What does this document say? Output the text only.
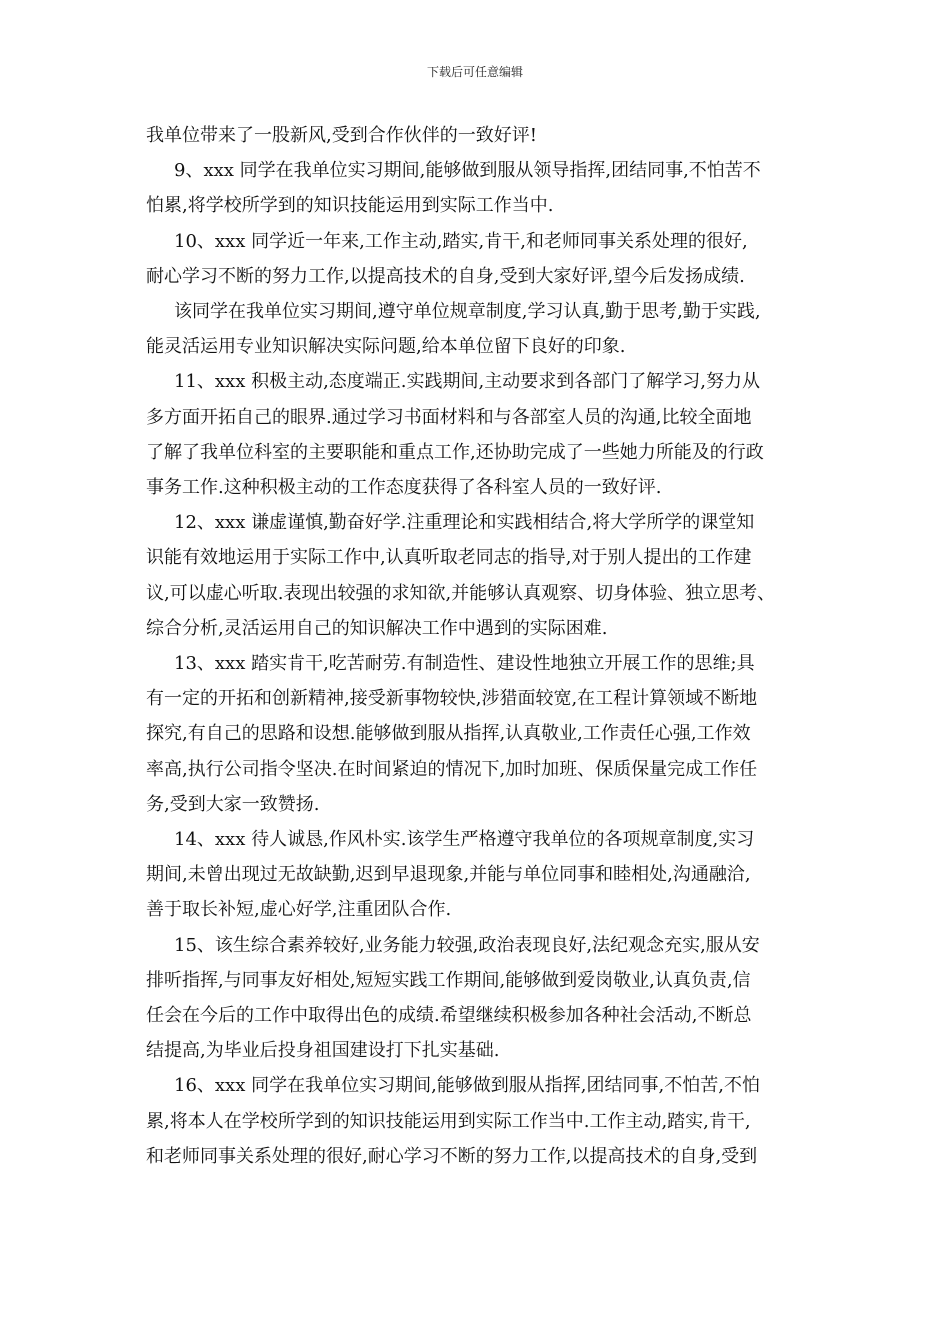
下载后可任意编辑

我单位带来了一股新风,受到合作伙伴的一致好评!

9、xxx 同学在我单位实习期间,能够做到服从领导指挥,团结同事,不怕苦不
怕累,将学校所学到的知识技能运用到实际工作当中.

10、xxx 同学近一年来,工作主动,踏实,肯干,和老师同事关系处理的很好,
耐心学习不断的努力工作,以提高技术的自身,受到大家好评,望今后发扬成绩.

该同学在我单位实习期间,遵守单位规章制度,学习认真,勤于思考,勤于实践,
能灵活运用专业知识解决实际问题,给本单位留下良好的印象.

11、xxx 积极主动,态度端正.实践期间,主动要求到各部门了解学习,努力从
多方面开拓自己的眼界.通过学习书面材料和与各部室人员的沟通,比较全面地
了解了我单位科室的主要职能和重点工作,还协助完成了一些她力所能及的行政
事务工作.这种积极主动的工作态度获得了各科室人员的一致好评.

12、xxx 谦虚谨慎,勤奋好学.注重理论和实践相结合,将大学所学的课堂知
识能有效地运用于实际工作中,认真听取老同志的指导,对于别人提出的工作建
议,可以虚心听取.表现出较强的求知欲,并能够认真观察、切身体验、独立思考、
综合分析,灵活运用自己的知识解决工作中遇到的实际困难.

13、xxx 踏实肯干,吃苦耐劳.有制造性、建设性地独立开展工作的思维;具
有一定的开拓和创新精神,接受新事物较快,涉猎面较宽,在工程计算领域不断地
探究,有自己的思路和设想.能够做到服从指挥,认真敬业,工作责任心强,工作效
率高,执行公司指令坚决.在时间紧迫的情况下,加时加班、保质保量完成工作任
务,受到大家一致赞扬.

14、xxx 待人诚恳,作风朴实.该学生严格遵守我单位的各项规章制度,实习
期间,未曾出现过无故缺勤,迟到早退现象,并能与单位同事和睦相处,沟通融洽,
善于取长补短,虚心好学,注重团队合作.

15、该生综合素养较好,业务能力较强,政治表现良好,法纪观念充实,服从安
排听指挥,与同事友好相处,短短实践工作期间,能够做到爱岗敬业,认真负责,信
任会在今后的工作中取得出色的成绩.希望继续积极参加各种社会活动,不断总
结提高,为毕业后投身祖国建设打下扎实基础.

16、xxx 同学在我单位实习期间,能够做到服从指挥,团结同事,不怕苦,不怕
累,将本人在学校所学到的知识技能运用到实际工作当中.工作主动,踏实,肯干,
和老师同事关系处理的很好,耐心学习不断的努力工作,以提高技术的自身,受到
